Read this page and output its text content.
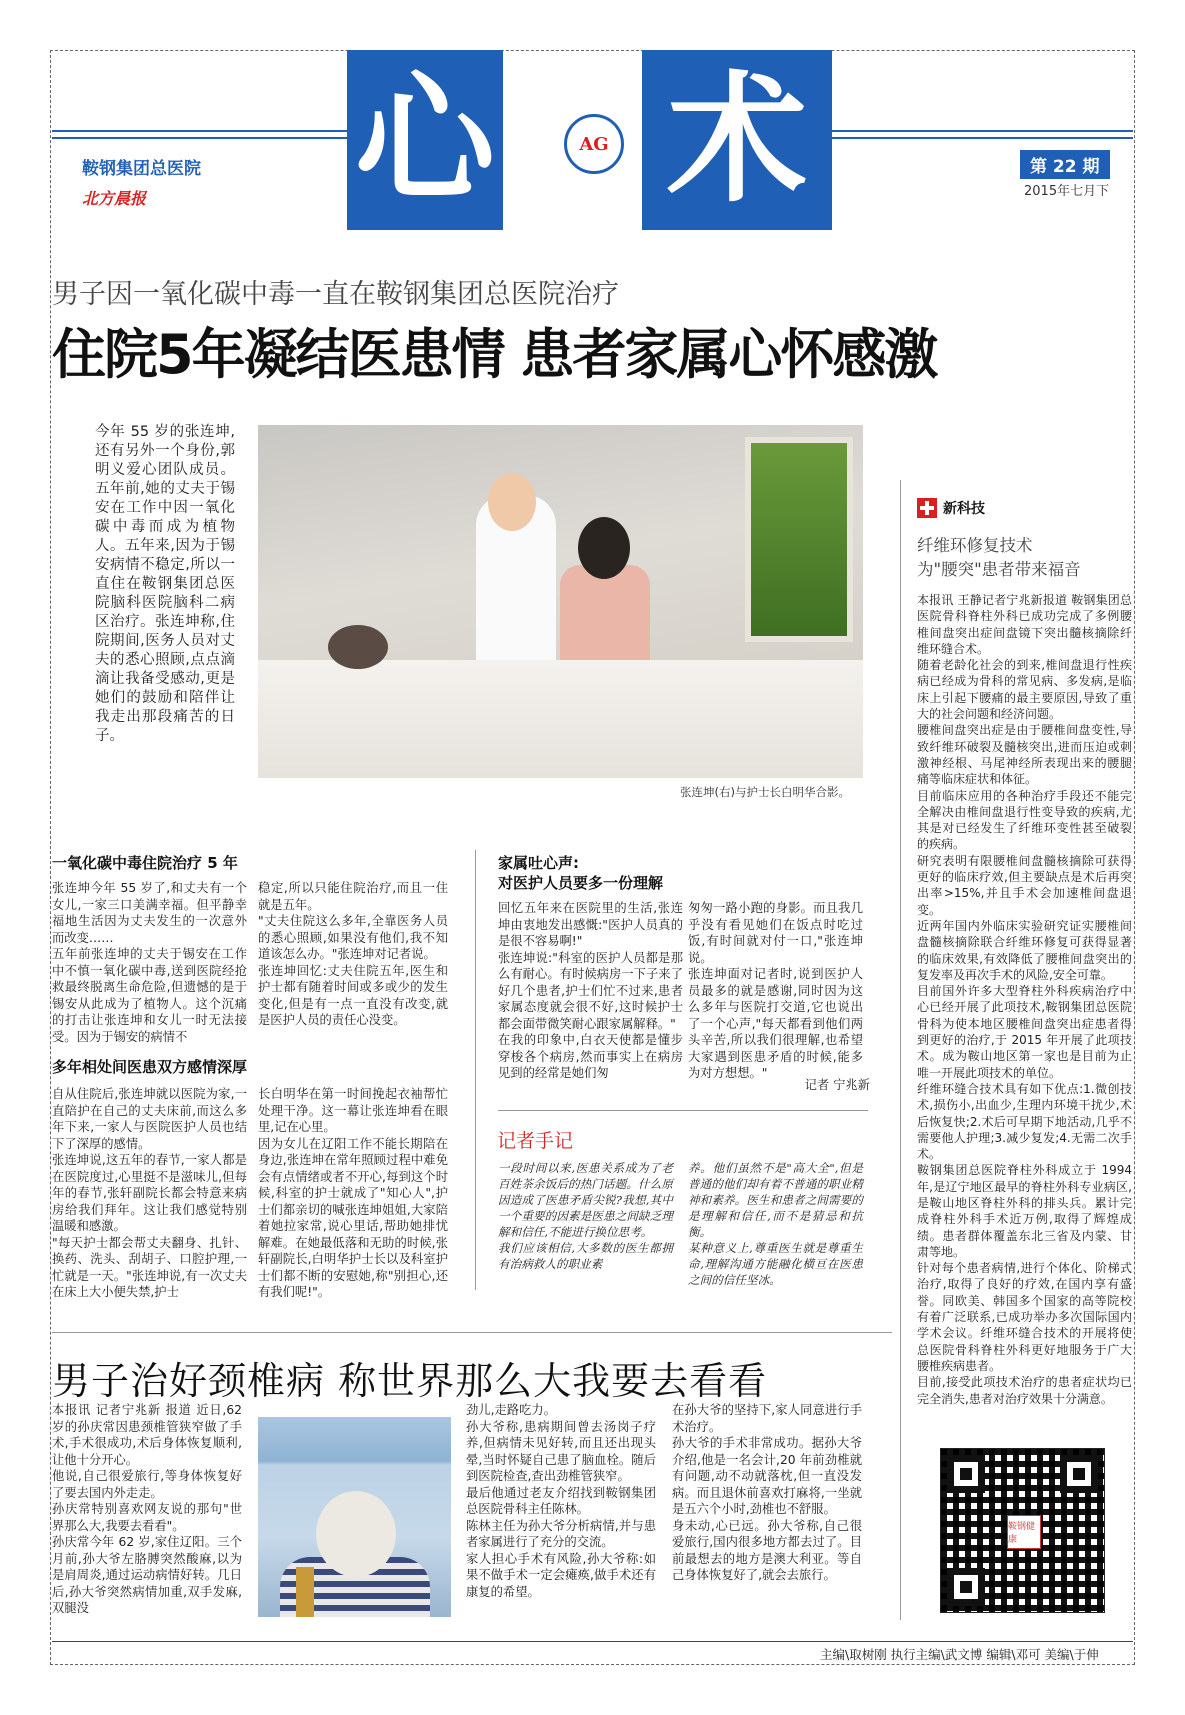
心 术
AG
鞍钢集团总医院
北方晨报
第 22 期
2015年七月下
男子因一氧化碳中毒一直在鞍钢集团总医院治疗
住院5年凝结医患情 患者家属心怀感激
今年 55 岁的张连坤,还有另外一个身份,郭明义爱心团队成员。五年前,她的丈夫于锡安在工作中因一氧化碳中毒而成为植物人。五年来,因为于锡安病情不稳定,所以一直住在鞍钢集团总医院脑科医院脑科二病区治疗。张连坤称,住院期间,医务人员对丈夫的悉心照顾,点点滴滴让我备受感动,更是她们的鼓励和陪伴让我走出那段痛苦的日子。
张连坤(右)与护士长白明华合影。
一氧化碳中毒住院治疗 5 年
张连坤今年 55 岁了,和丈夫有一个女儿,一家三口美满幸福。但平静幸福地生活因为丈夫发生的一次意外而改变……
五年前张连坤的丈夫于锡安在工作中不慎一氧化碳中毒,送到医院经抢救最终脱离生命危险,但遗憾的是于锡安从此成为了植物人。这个沉痛的打击让张连坤和女儿一时无法接受。因为于锡安的病情不
稳定,所以只能住院治疗,而且一住就是五年。
"丈夫住院这么多年,全靠医务人员的悉心照顾,如果没有他们,我不知道该怎么办。"张连坤对记者说。
张连坤回忆:丈夫住院五年,医生和护士都有随着时间或多或少的发生变化,但是有一点一直没有改变,就是医护人员的责任心没变。
多年相处间医患双方感情深厚
自从住院后,张连坤就以医院为家,一直陪护在自己的丈夫床前,而这么多年下来,一家人与医院医护人员也结下了深厚的感情。
张连坤说,这五年的春节,一家人都是在医院度过,心里挺不是滋味儿,但每年的春节,张轩副院长都会特意来病房给我们拜年。这让我们感觉特别温暖和感激。
"每天护士都会帮丈夫翻身、扎针、换药、洗头、刮胡子、口腔护理,一忙就是一天。"张连坤说,有一次丈夫在床上大小便失禁,护士
长白明华在第一时间挽起衣袖帮忙处理干净。这一幕让张连坤看在眼里,记在心里。
因为女儿在辽阳工作不能长期陪在身边,张连坤在常年照顾过程中难免会有点情绪或者不开心,每到这个时候,科室的护士就成了"知心人",护士们都亲切的喊张连坤姐姐,大家陪着她拉家常,说心里话,帮助她排忧解难。在她最低落和无助的时候,张轩副院长,白明华护士长以及科室护士们都不断的安慰她,称"别担心,还有我们呢!"。
家属吐心声:
对医护人员要多一份理解
回忆五年来在医院里的生活,张连坤由衷地发出感慨:"医护人员真的是很不容易啊!"
张连坤说:"科室的医护人员都是那么有耐心。有时候病房一下子来了好几个患者,护士们忙不过来,患者家属态度就会很不好,这时候护士都会面带微笑耐心跟家属解释。"
在我的印象中,白衣天使都是懂步穿梭各个病房,然而事实上在病房见到的经常是她们匆
匆匆一路小跑的身影。而且我几乎没有看见她们在饭点时吃过饭,有时间就对付一口,"张连坤说。
张连坤面对记者时,说到医护人员最多的就是感谢,同时因为这么多年与医院打交道,它也说出了一个心声,"每天都看到他们两头辛苦,所以我们很理解,也希望大家遇到医患矛盾的时候,能多为对方想想。"
记者 宁兆新
记者手记
一段时间以来,医患关系成为了老百姓茶余饭后的热门话题。什么原因造成了医患矛盾尖锐?我想,其中一个重要的因素是医患之间缺乏理解和信任,不能进行换位思考。
我们应该相信,大多数的医生都拥有治病救人的职业素
养。他们虽然不是"高大全",但是普通的他们却有着不普通的职业精神和素养。医生和患者之间需要的是理解和信任,而不是猜忌和抗衡。
某种意义上,尊重医生就是尊重生命,理解沟通方能融化横亘在医患之间的信任坚冰。
新科技
纤维环修复技术
为"腰突"患者带来福音
本报讯 王静记者宁兆新报道 鞍钢集团总医院骨科脊柱外科已成功完成了多例腰椎间盘突出症间盘镜下突出髓核摘除纤维环缝合术。
随着老龄化社会的到来,椎间盘退行性疾病已经成为骨科的常见病、多发病,是临床上引起下腰痛的最主要原因,导致了重大的社会问题和经济问题。
腰椎间盘突出症是由于腰椎间盘变性,导致纤维环破裂及髓核突出,进而压迫或刺激神经根、马尾神经所表现出来的腰腿痛等临床症状和体征。
目前临床应用的各种治疗手段还不能完全解决由椎间盘退行性变导致的疾病,尤其是对已经发生了纤维环变性甚至破裂的疾病。
研究表明有限腰椎间盘髓核摘除可获得更好的临床疗效,但主要缺点是术后再突出率>15%,并且手术会加速椎间盘退变。
近两年国内外临床实验研究证实腰椎间盘髓核摘除联合纤维环修复可获得显著的临床效果,有效降低了腰椎间盘突出的复发率及再次手术的风险,安全可靠。
目前国外许多大型脊柱外科疾病治疗中心已经开展了此项技术,鞍钢集团总医院骨科为使本地区腰椎间盘突出症患者得到更好的治疗,于 2015 年开展了此项技术。成为鞍山地区第一家也是目前为止唯一开展此项技术的单位。
纤维环缝合技术具有如下优点:1.微创技术,损伤小,出血少,生理内环境干扰少,术后恢复快;2.术后可早期下地活动,几乎不需要他人护理;3.减少复发;4.无需二次手术。
鞍钢集团总医院脊柱外科成立于 1994 年,是辽宁地区最早的脊柱外科专业病区,是鞍山地区脊柱外科的排头兵。累计完成脊柱外科手术近万例,取得了辉煌成绩。患者群体覆盖东北三省及内蒙、甘肃等地。
针对每个患者病情,进行个体化、阶梯式治疗,取得了良好的疗效,在国内享有盛誉。同欧美、韩国多个国家的高等院校有着广泛联系,已成功举办多次国际国内学术会议。纤维环缝合技术的开展将使总医院骨科脊柱外科更好地服务于广大腰椎疾病患者。
目前,接受此项技术治疗的患者症状均已完全消失,患者对治疗效果十分满意。
鞍钢健康
男子治好颈椎病 称世界那么大我要去看看
本报讯 记者宁兆新 报道 近日,62 岁的孙庆常因患颈椎管狭窄做了手术,手术很成功,术后身体恢复顺利,让他十分开心。
他说,自己很爱旅行,等身体恢复好了要去国内外走走。
孙庆常特别喜欢网友说的那句"世界那么大,我要去看看"。
孙庆常今年 62 岁,家住辽阳。三个月前,孙大爷左胳膊突然酸麻,以为是肩周炎,通过运动病情好转。几日后,孙大爷突然病情加重,双手发麻,双腿没
劲儿,走路吃力。
孙大爷称,患病期间曾去汤岗子疗养,但病情未见好转,而且还出现头晕,当时怀疑自己患了脑血栓。随后到医院检查,查出劲椎管狭窄。
最后他通过老友介绍找到鞍钢集团总医院骨科主任陈林。
陈林主任为孙大爷分析病情,并与患者家属进行了充分的交流。
家人担心手术有风险,孙大爷称:如果不做手术一定会瘫痪,做手术还有康复的希望。
在孙大爷的坚持下,家人同意进行手术治疗。
孙大爷的手术非常成功。据孙大爷介绍,他是一名会计,20 年前劲椎就有问题,动不动就落枕,但一直没发病。而且退休前喜欢打麻将,一坐就是五六个小时,劲椎也不舒服。
身未动,心已远。孙大爷称,自己很爱旅行,国内很多地方都去过了。目前最想去的地方是澳大利亚。等自己身体恢复好了,就会去旅行。
主编\取树刚 执行主编\武文博 编辑\邓可 美编\于伸
